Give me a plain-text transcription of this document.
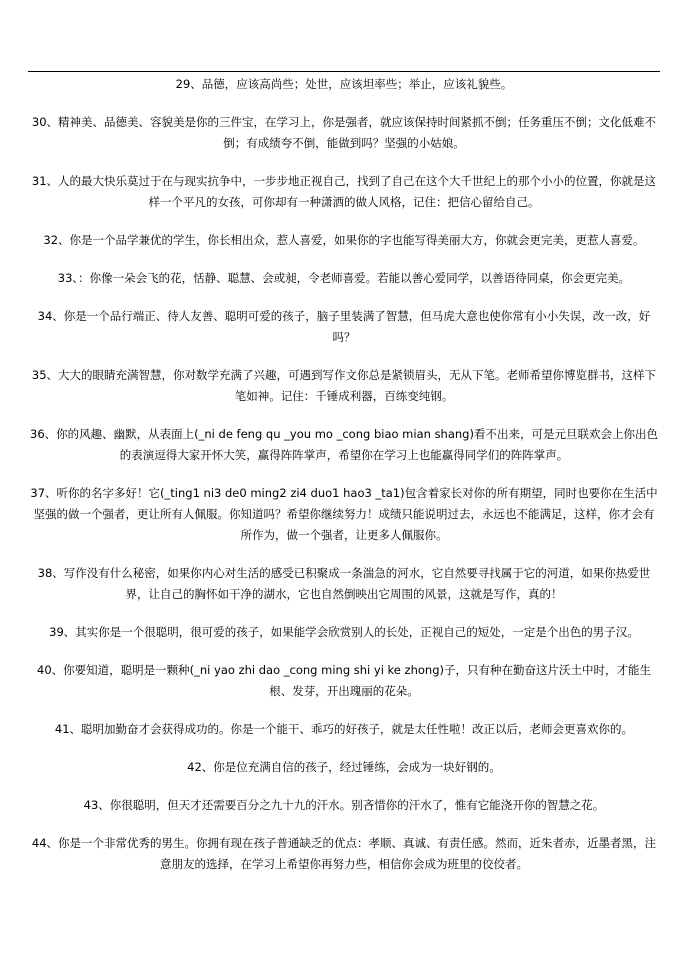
29、品德，应该高尚些；处世，应该坦率些；举止，应该礼貌些。

30、精神美、品德美、容貌美是你的三件宝，在学习上，你是强者，就应该保持时间紧抓不倒；任务重压不倒；文化低难不倒；有成绩夸不倒，能做到吗？坚强的小姑娘。

31、人的最大快乐莫过于在与现实抗争中，一步步地正视自己，找到了自己在这个大千世纪上的那个小小的位置，你就是这样一个平凡的女孩，可你却有一种潇洒的做人风格，记住：把信心留给自己。

32、你是一个品学兼优的学生，你长相出众，惹人喜爱，如果你的字也能写得美丽大方，你就会更完美，更惹人喜爱。

33、：你像一朵会飞的花，恬静、聪慧、会或昶，令老师喜爱。若能以善心爱同学，以善语待同桌，你会更完美。

34、你是一个品行端正、待人友善、聪明可爱的孩子，脑子里装满了智慧，但马虎大意也使你常有小小失误，改一改，好吗？

35、大大的眼睛充满智慧，你对数学充满了兴趣，可遇到写作文你总是紧锁眉头，无从下笔。老师希望你博览群书，这样下笔如神。记住：千锤成利器，百练变纯钢。

36、你的风趣、幽默，从表面上(_ni de feng qu _you mo _cong biao mian shang)看不出来，可是元旦联欢会上你出色的表演逗得大家开怀大笑，赢得阵阵掌声，希望你在学习上也能赢得同学们的阵阵掌声。

37、听你的名字多好！它(_ting1 ni3 de0 ming2 zi4 duo1 hao3 _ta1)包含着家长对你的所有期望，同时也要你在生活中坚强的做一个强者，更让所有人佩服。你知道吗？希望你继续努力！成绩只能说明过去，永远也不能满足，这样，你才会有所作为，做一个强者，让更多人佩服你。

38、写作没有什么秘密，如果你内心对生活的感受已积聚成一条湍急的河水，它自然要寻找属于它的河道，如果你热爱世界，让自己的胸怀如干净的湖水，它也自然倒映出它周围的风景，这就是写作，真的！

39、其实你是一个很聪明，很可爱的孩子，如果能学会欣赏别人的长处，正视自己的短处，一定是个出色的男子汉。

40、你要知道，聪明是一颗种(_ni yao zhi dao _cong ming shi yi ke zhong)子，只有种在勤奋这片沃土中时，才能生根、发芽，开出瑰丽的花朵。

41、聪明加勤奋才会获得成功的。你是一个能干、乖巧的好孩子，就是太任性啦！改正以后，老师会更喜欢你的。

42、你是位充满自信的孩子，经过锤练，会成为一块好钢的。

43、你很聪明，但天才还需要百分之九十九的汗水。别吝惜你的汗水了，惟有它能浇开你的智慧之花。

44、你是一个非常优秀的男生。你拥有现在孩子普通缺乏的优点：孝顺、真诚、有责任感。然而，近朱者赤，近墨者黑，注意朋友的选择，在学习上希望你再努力些，相信你会成为班里的佼佼者。
